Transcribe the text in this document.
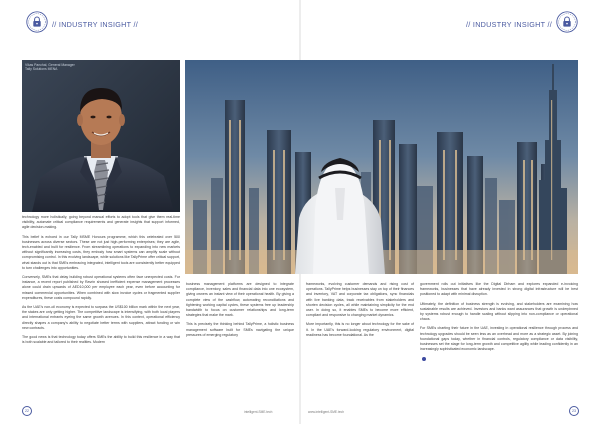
// INDUSTRY INSIGHT //	// INDUSTRY INSIGHT //
Vikas Panchal, General Manager
Tally Solutions MENA

technology more holistically, going beyond manual efforts to adopt tools that give them real-time visibility, automate critical compliance requirements and generate insights that support informed, agile decision-making.

This belief is echoed in our Tally MSME Honours programme, which this celebrated over 500 businesses across diverse sectors. These are not just high-performing enterprises; they are agile, tech-enabled and built for resilience. From streamlining operations to expanding into new markets without significantly increasing costs, they embody how smart systems can amplify scale without compromising control. In this evolving landscape, while solutions like TallyPrime offer critical support, what stands out is that SMEs embracing integrated, intelligent tools are consistently better equipped to turn challenges into opportunities.

Conversely, SMEs that delay building robust operational systems often face unexpected costs. For instance, a recent report published by Ravrin showed inefficient expense management processes alone could drain upwards of AED10,000 per employee each year, even before accounting for missed commercial opportunities. When combined with slow invoice cycles or fragmented supplier expenditures, these costs compound rapidly.

As the UAE's non-oil economy is expected to surpass the US$100 billion mark within the next year, the stakes are only getting higher. The competitive landscape is intensifying, with both local players and international entrants eyeing the same growth avenues. In this context, operational efficiency directly shapes a company's ability to negotiate better terms with suppliers, attract funding or win new contracts.

The good news is that technology today offers SMEs the ability to build this resilience in a way that is both scalable and tailored to their realities. Modern

business management platforms are designed to integrate compliance, inventory, sales and financial data into one ecosystem, giving owners an instant view of their operational health. By giving a complete view of the cashflow, automating reconciliations and tightening working capital cycles, these systems free up leadership bandwidth to focus on customer relationships and long-term strategies that make the mark.

This is precisely the thinking behind TallyPrime, a holistic business management software built for SMEs navigating the unique pressures of emerging regulatory

frameworks, evolving customer demands and rising cost of operations. TallyPrime helps businesses stay on top of their finances and inventory, VAT and corporate tax obligations, sync financials with live banking data, track receivables from stakeholders and shorten decision cycles, all while maintaining simplicity for the end user. In doing so, it enables SMEs to become more efficient, compliant and responsive to changing market dynamics.

More importantly, this is no longer about technology for the sake of it. In the UAE's forward-looking regulatory environment, digital readiness has become foundational. As the

government rolls out initiatives like the Digital Dirham and explores expanded e-invoicing frameworks, businesses that have already invested in strong digital infrastructure will be best positioned to adapt with minimal disruption.

Ultimately, the definition of business strength is evolving, and stakeholders are examining how sustainable results are achieved. Investors and banks want assurances that growth is underpinned by systems robust enough to handle scaling without slipping into non-compliance or operational chaos.

For SMEs charting their future in the UAE, investing in operational resilience through process and technology upgrades should be seen less as an overhead and more as a strategic asset. By joining foundational gaps today, whether in financial controls, regulatory compliance or data visibility, businesses set the stage for long-term growth and competitive agility while leading confidently in an increasingly sophisticated economic landscape.

22	intelligent-SME.tech	www.intelligent-SME.tech	23
